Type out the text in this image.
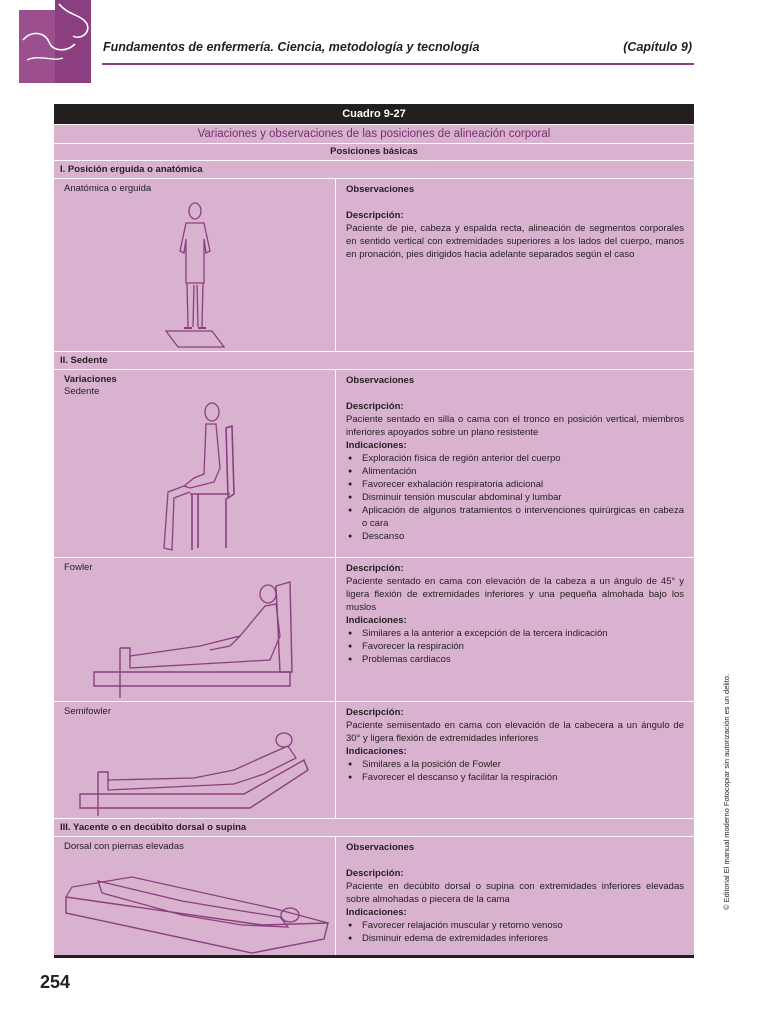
Fundamentos de enfermería. Ciencia, metodología y tecnología	(Capítulo 9)
Cuadro 9-27
Variaciones y observaciones de las posiciones de alineación corporal
Posiciones básicas
I. Posición erguida o anatómica
Anatómica o erguida	Observaciones
Descripción:

Paciente de pie, cabeza y espalda recta, alineación de segmentos corporales en sentido vertical con extremidades superiores a los lados del cuerpo, manos en pronación, pies dirigidos hacia adelante separados según el caso

II. Sedente
Variaciones
Sedente
Observaciones
Descripción:

Paciente sentado en silla o cama con el tronco en posición vertical, miembros inferiores apoyados sobre un plano resistente

Indicaciones:
● Exploración física de región anterior del cuerpo
● Alimentación
● Favorecer exhalación respiratoria adicional
● Disminuir tensión muscular abdominal y lumbar
● Aplicación de algunos tratamientos o intervenciones quirúrgicas en cabeza o cara
● Descanso
Fowler	Descripción:

Paciente sentado en cama con elevación de la cabeza a un ángulo de 45° y ligera flexión de extremidades inferiores y una pequeña almohada bajo los muslos

Indicaciones:
● Similares a la anterior a excepción de la tercera indicación
● Favorecer la respiración
● Problemas cardiacos
Semifowler	Descripción:

Paciente semisentado en cama con elevación de la cabecera a un ángulo de 30° y ligera flexión de extremidades inferiores

Indicaciones:
● Similares a la posición de Fowler
● Favorecer el descanso y facilitar la respiración
III. Yacente o en decúbito dorsal o supina
Dorsal con piernas elevadas	Observaciones
Descripción:

Paciente en decúbito dorsal o supina con extremidades inferiores elevadas sobre almohadas o piecera de la cama

Indicaciones:
● Favorecer relajación muscular y retorno venoso
● Disminuir edema de extremidades inferiores
© Editorial El manual moderno Fotocopiar sin autorización es un delito.
254
